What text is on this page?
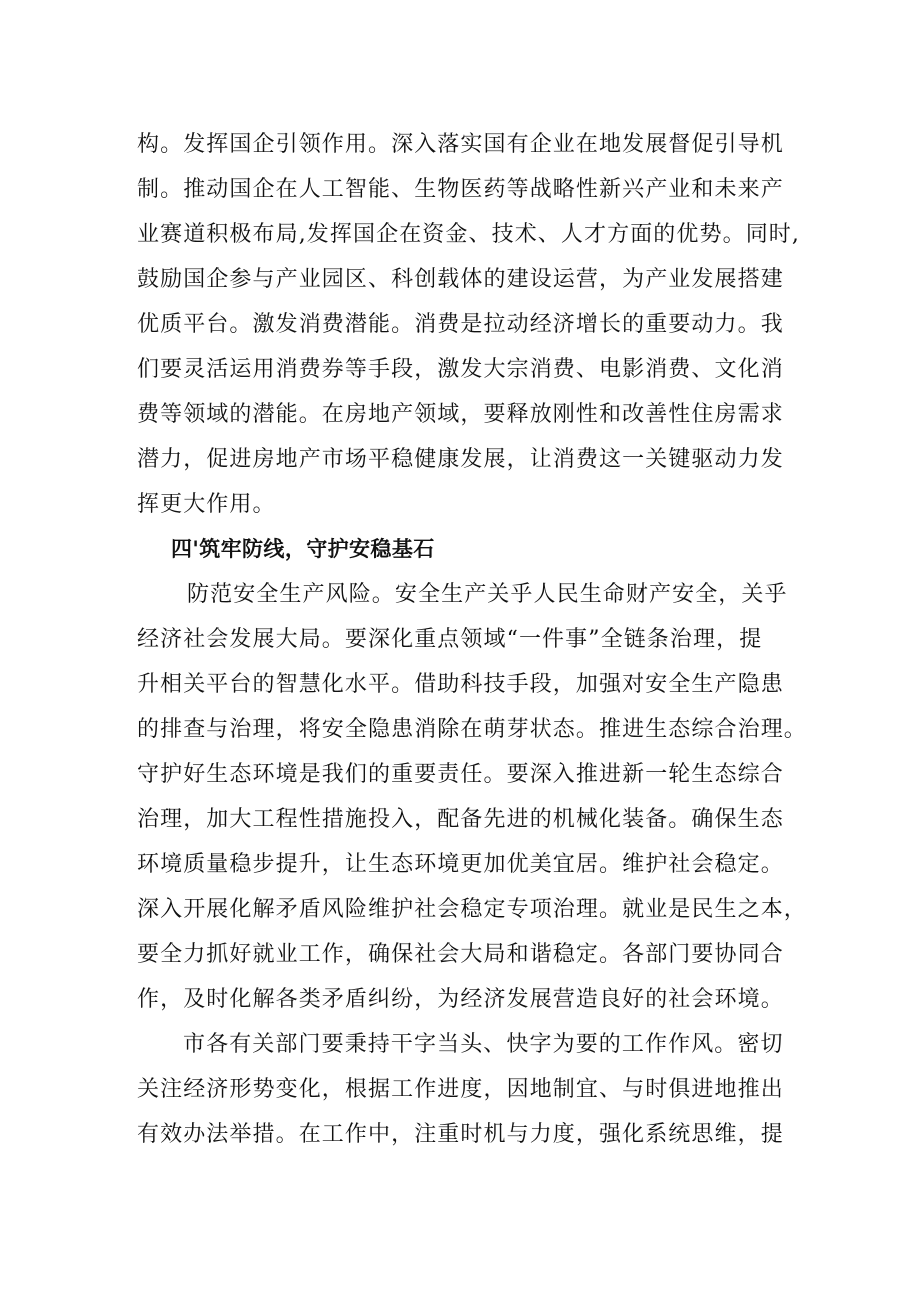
构。发挥国企引领作用。深入落实国有企业在地发展督促引导机
制。推动国企在人工智能、生物医药等战略性新兴产业和未来产
业赛道积极布局,发挥国企在资金、技术、人才方面的优势。同时,
鼓励国企参与产业园区、科创载体的建设运营，为产业发展搭建
优质平台。激发消费潜能。消费是拉动经济增长的重要动力。我
们要灵活运用消费券等手段，激发大宗消费、电影消费、文化消
费等领域的潜能。在房地产领域，要释放刚性和改善性住房需求
潜力，促进房地产市场平稳健康发展，让消费这一关键驱动力发
挥更大作用。
四'筑牢防线，守护安稳基石
防范安全生产风险。安全生产关乎人民生命财产安全，关乎
经济社会发展大局。要深化重点领域“一件事”全链条治理，提
升相关平台的智慧化水平。借助科技手段，加强对安全生产隐患
的排查与治理，将安全隐患消除在萌芽状态。推进生态综合治理。
守护好生态环境是我们的重要责任。要深入推进新一轮生态综合
治理，加大工程性措施投入，配备先进的机械化装备。确保生态
环境质量稳步提升，让生态环境更加优美宜居。维护社会稳定。
深入开展化解矛盾风险维护社会稳定专项治理。就业是民生之本，
要全力抓好就业工作，确保社会大局和谐稳定。各部门要协同合
作，及时化解各类矛盾纠纷，为经济发展营造良好的社会环境。
市各有关部门要秉持干字当头、快字为要的工作作风。密切
关注经济形势变化，根据工作进度，因地制宜、与时俱进地推出
有效办法举措。在工作中，注重时机与力度，强化系统思维，提
